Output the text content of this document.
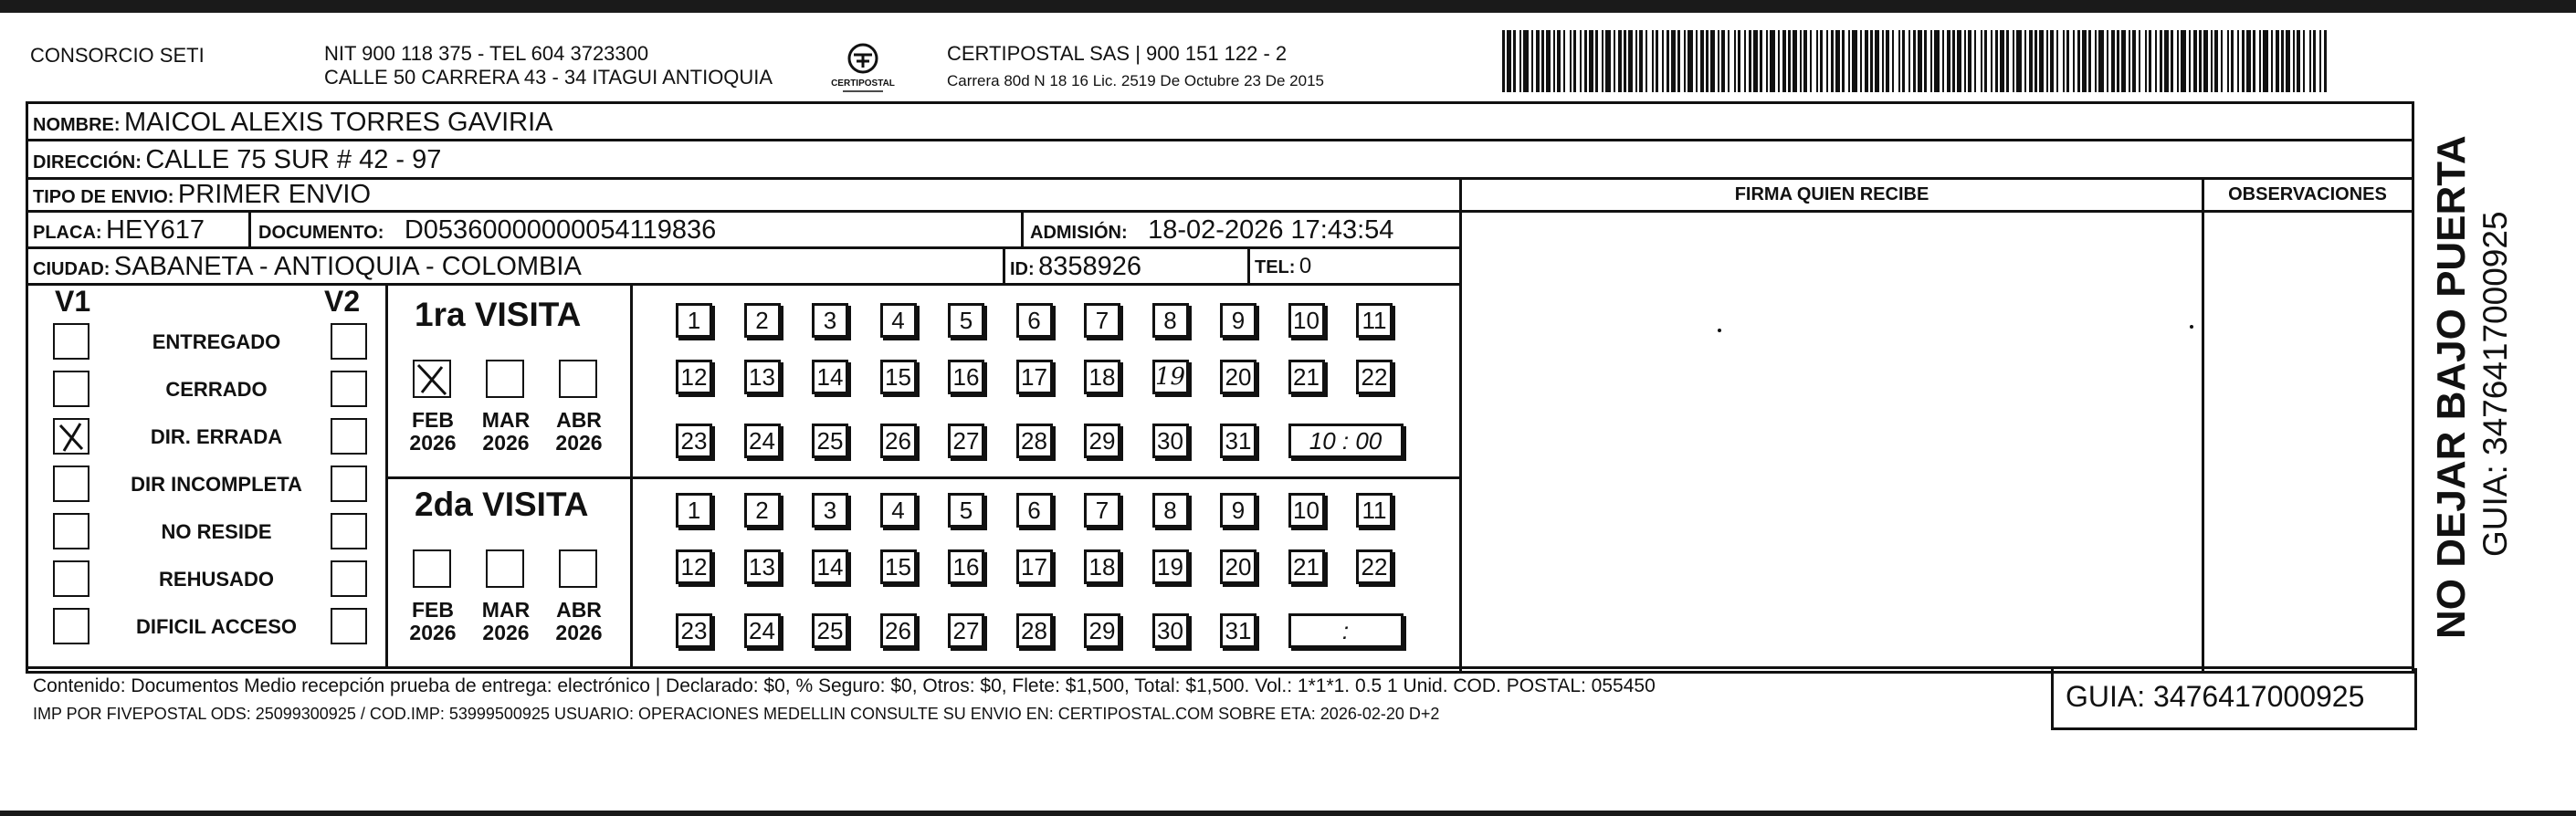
CONSORCIO SETI	NIT 900 118 375 - TEL 604 3723300
CALLE 50 CARRERA 43 - 34 ITAGUI ANTIOQUIA	CERTIPOSTAL
CERTIPOSTAL SAS | 900 151 122 - 2
Carrera 80d N 18 16 Lic. 2519 De Octubre 23 De 2015
NOMBRE: MAICOL ALEXIS TORRES GAVIRIA
DIRECCIÓN: CALLE 75 SUR # 42 - 97
TIPO DE ENVIO: PRIMER ENVIO	FIRMA QUIEN RECIBE	OBSERVACIONES
PLACA: HEY617	DOCUMENTO: D05360000000054119836	ADMISIÓN: 18-02-2026 17:43:54
CIUDAD: SABANETA - ANTIOQUIA - COLOMBIA	ID: 8358926	TEL: 0
V1	V2
ENTREGADO
CERRADO
DIR. ERRADA
DIR INCOMPLETA
NO RESIDE
REHUSADO
DIFICIL ACCESO
1ra VISITA
FEB
2026
MAR
2026
ABR
2026
1	2	3	4	5	6	7	8	9	10 11
12 13 14 15 16 17 18 19 20 21 22
23 24 25 26 27 28 29 30 31	10 : 00
2da VISITA
FEB
2026
MAR
2026
ABR
2026
1	2	3	4	5	6	7	8	9	10 11
12 13 14 15 16 17 18 19 20 21 22
23 24 25 26 27 28 29 30 31	:
Contenido: Documentos Medio recepción prueba de entrega: electrónico | Declarado: $0, % Seguro: $0, Otros: $0, Flete: $1,500, Total: $1,500. Vol.: 1*1*1. 0.5 1 Unid. COD. POSTAL: 055450
IMP POR FIVEPOSTAL ODS: 25099300925 / COD.IMP: 53999500925 USUARIO: OPERACIONES MEDELLIN CONSULTE SU ENVIO EN: CERTIPOSTAL.COM SOBRE ETA: 2026-02-20 D+2
GUIA: 3476417000925
NO DEJAR BAJO PUERTA GUIA: 3476417000925
